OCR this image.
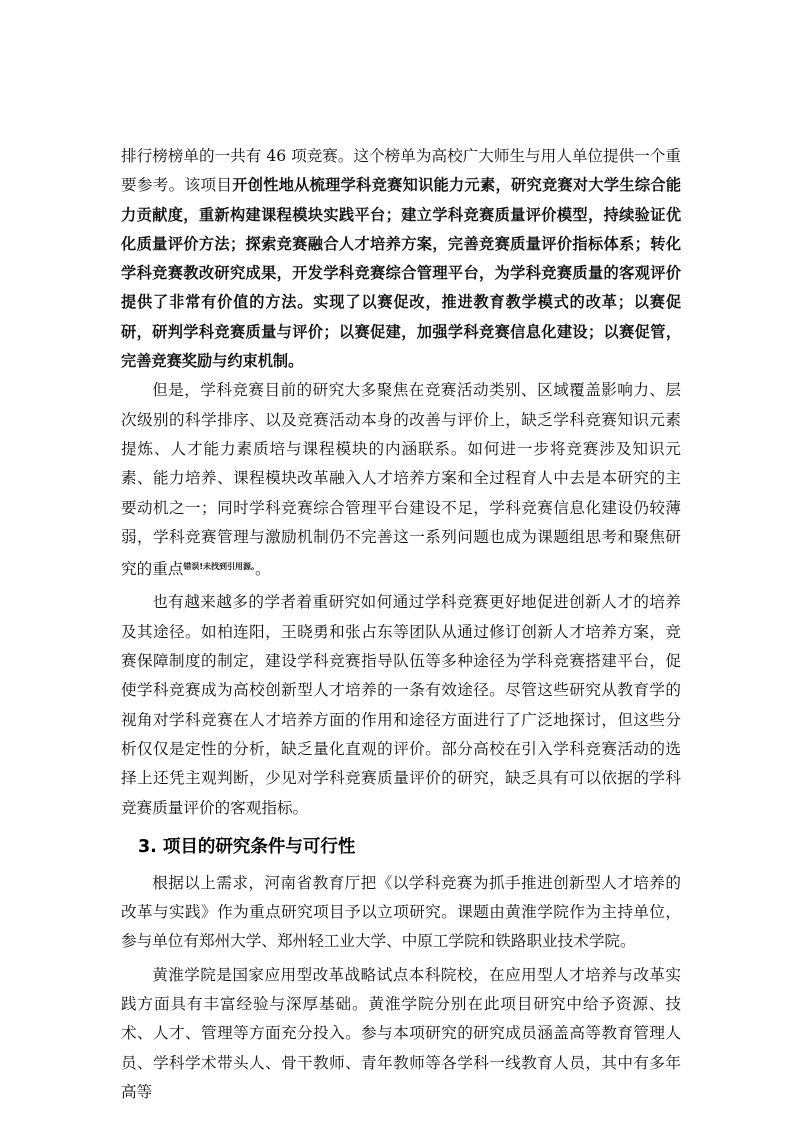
排行榜榜单的一共有 46 项竞赛。这个榜单为高校广大师生与用人单位提供一个重要参考。该项目开创性地从梳理学科竞赛知识能力元素，研究竞赛对大学生综合能力贡献度，重新构建课程模块实践平台；建立学科竞赛质量评价模型，持续验证优化质量评价方法；探索竞赛融合人才培养方案，完善竞赛质量评价指标体系；转化学科竞赛教改研究成果，开发学科竞赛综合管理平台，为学科竞赛质量的客观评价提供了非常有价值的方法。实现了以赛促改，推进教育教学模式的改革；以赛促研，研判学科竞赛质量与评价；以赛促建，加强学科竞赛信息化建设；以赛促管，完善竞赛奖励与约束机制。

但是，学科竞赛目前的研究大多聚焦在竞赛活动类别、区域覆盖影响力、层次级别的科学排序、以及竞赛活动本身的改善与评价上，缺乏学科竞赛知识元素提炼、人才能力素质培与课程模块的内涵联系。如何进一步将竞赛涉及知识元素、能力培养、课程模块改革融入人才培养方案和全过程育人中去是本研究的主要动机之一；同时学科竞赛综合管理平台建设不足，学科竞赛信息化建设仍较薄弱，学科竞赛管理与激励机制仍不完善这一系列问题也成为课题组思考和聚焦研究的重点$^{错误!未找到引用源。}$。

也有越来越多的学者着重研究如何通过学科竞赛更好地促进创新人才的培养及其途径。如柏连阳，王晓勇和张占东等团队从通过修订创新人才培养方案，竞赛保障制度的制定，建设学科竞赛指导队伍等多种途径为学科竞赛搭建平台，促使学科竞赛成为高校创新型人才培养的一条有效途径。尽管这些研究从教育学的视角对学科竞赛在人才培养方面的作用和途径方面进行了广泛地探讨，但这些分析仅仅是定性的分析，缺乏量化直观的评价。部分高校在引入学科竞赛活动的选择上还凭主观判断，少见对学科竞赛质量评价的研究，缺乏具有可以依据的学科竞赛质量评价的客观指标。

3. 项目的研究条件与可行性

根据以上需求，河南省教育厅把《以学科竞赛为抓手推进创新型人才培养的改革与实践》作为重点研究项目予以立项研究。课题由黄淮学院作为主持单位，参与单位有郑州大学、郑州轻工业大学、中原工学院和铁路职业技术学院。

黄淮学院是国家应用型改革战略试点本科院校，在应用型人才培养与改革实践方面具有丰富经验与深厚基础。黄淮学院分别在此项目研究中给予资源、技术、人才、管理等方面充分投入。参与本项研究的研究成员涵盖高等教育管理人员、学科学术带头人、骨干教师、青年教师等各学科一线教育人员，其中有多年高等
